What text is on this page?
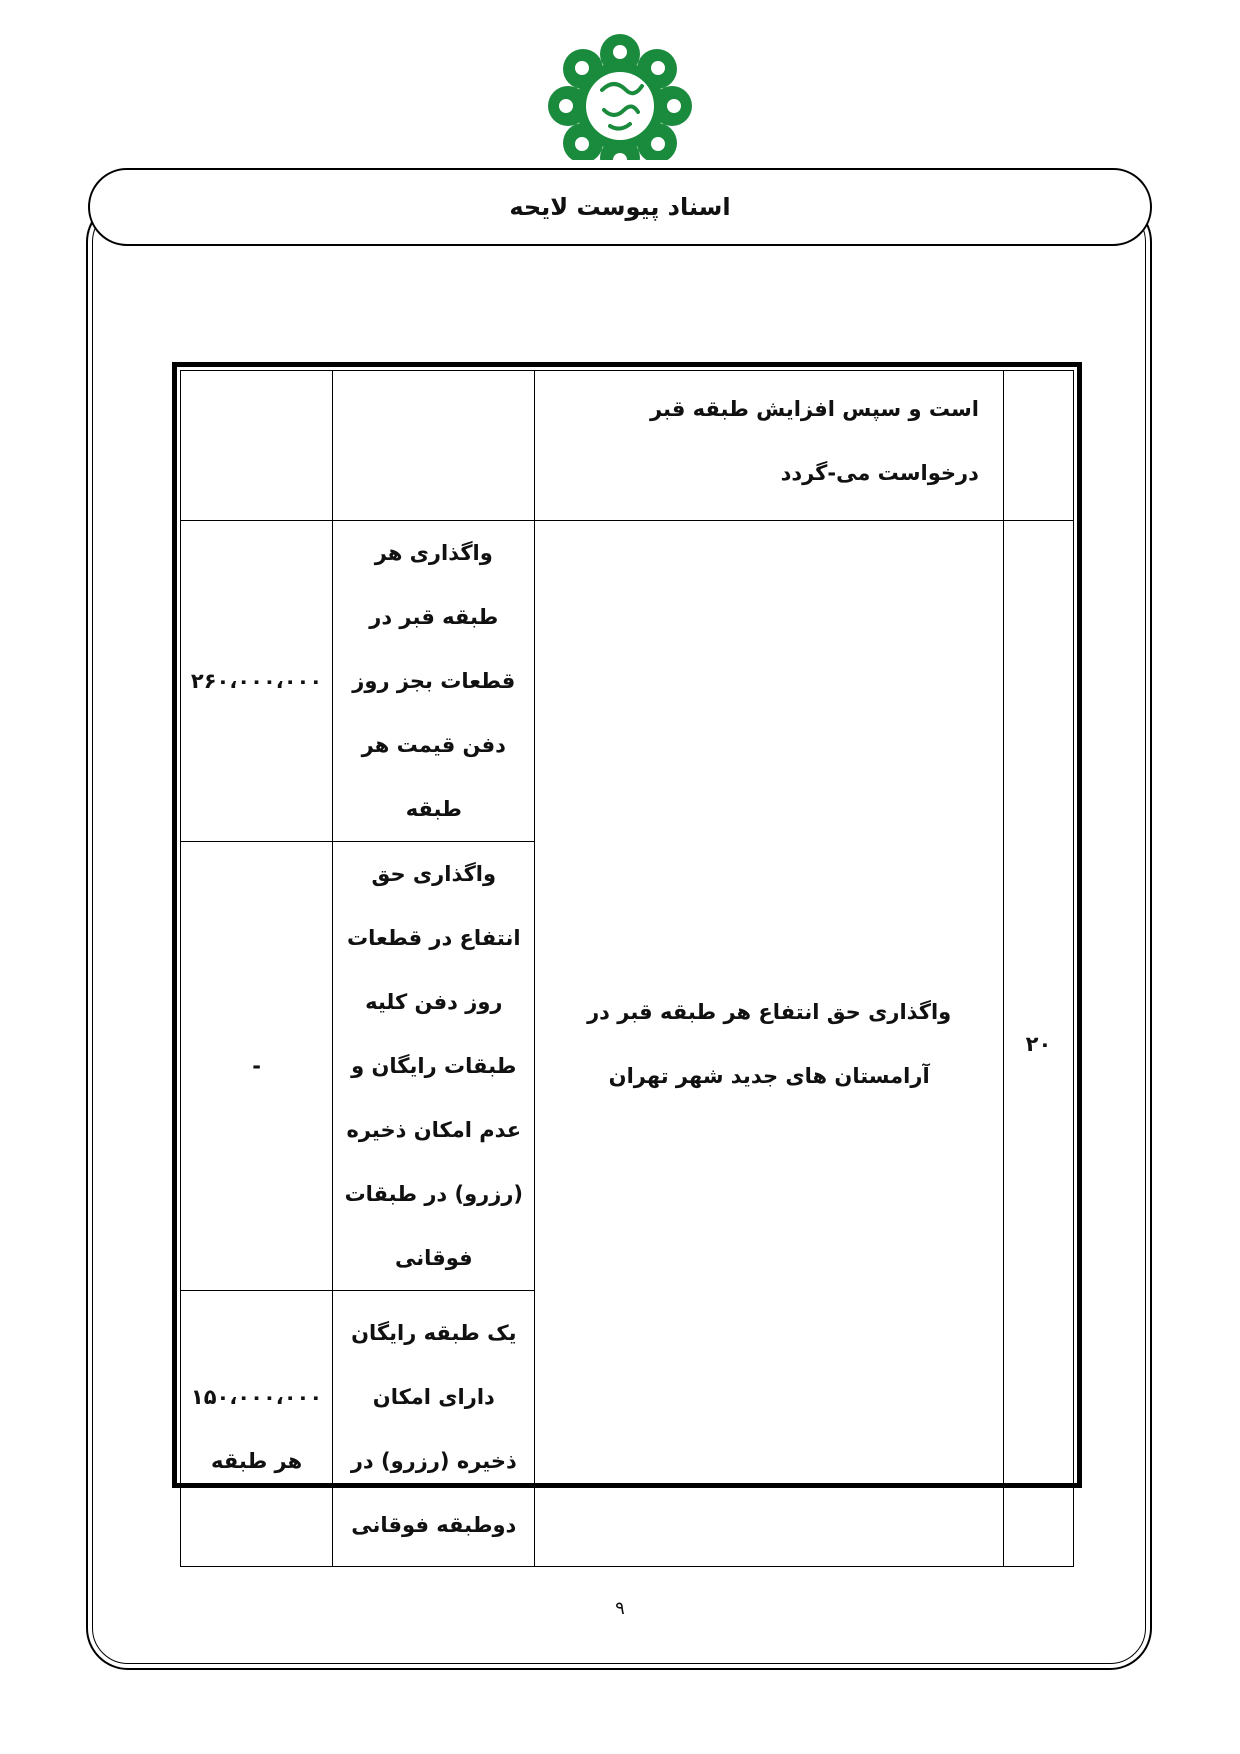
اسناد پیوست لایحه
	است و سپس افزایش طبقه قبر درخواست می-گردد		
۲۰	واگذاری حق انتفاع هر طبقه قبر در آرامستان های جدید شهر تهران	واگذاری هر طبقه قبر در قطعات بجز روز دفن قیمت هر طبقه	۲۶۰،۰۰۰،۰۰۰
		واگذاری حق انتفاع در قطعات روز دفن کلیه طبقات رایگان و عدم امکان ذخیره (رزرو) در طبقات فوقانی	-
		یک طبقه رایگان دارای امکان ذخیره (رزرو) در دوطبقه فوقانی	۱۵۰،۰۰۰،۰۰۰ هر طبقه
۹
